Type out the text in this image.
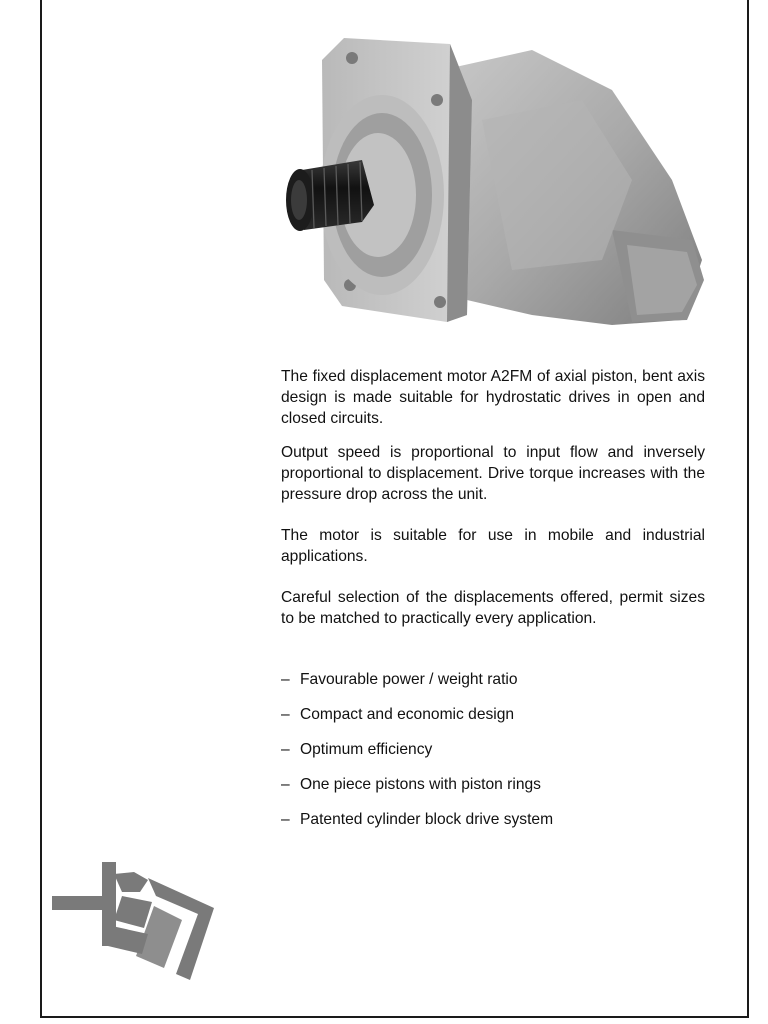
The fixed displacement motor A2FM of axial piston, bent axis design is made suitable for hydrostatic drives in open and closed circuits.

Output speed is proportional to input flow and inversely proportional to displacement. Drive torque increases with the pressure drop across the unit.

The motor is suitable for use in mobile and industrial applications.

Careful selection of the displacements offered, permit sizes to be matched to practically every application.

– Favourable power / weight ratio
– Compact and economic design
– Optimum efficiency
– One piece pistons with piston rings
– Patented cylinder block drive system
